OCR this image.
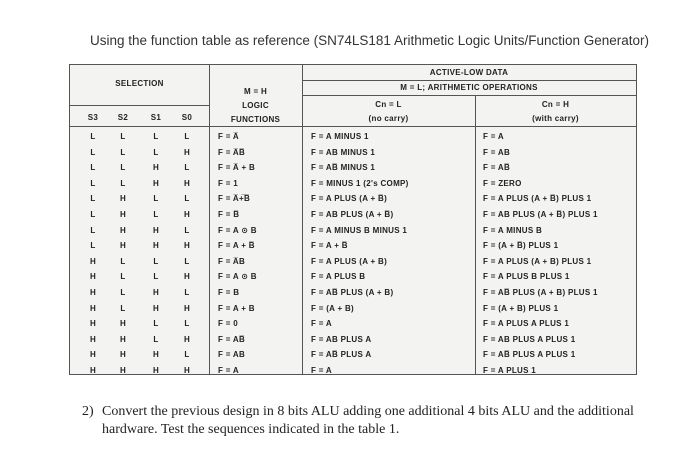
Using the function table as reference (SN74LS181 Arithmetic Logic Units/Function Generator)
SELECTION
ACTIVE-LOW DATA
M = L; ARITHMETIC OPERATIONS
M = H
LOGIC
FUNCTIONS
Cn = L
(no carry)
Cn = H
(with carry)
S3	S2	S1	S0
L	L	L	L	F = A̅	F = A MINUS 1	F = A
L	L	L	H	F = A̅B̅	F = AB MINUS 1	F = AB
L	L	H	L	F = A̅ + B	F = AB̅ MINUS 1	F = AB̅
L	L	H	H	F = 1	F = MINUS 1 (2's COMP)	F = ZERO
L	H	L	L	F = A̅+̅B̅	F = A PLUS (A + B̅)	F = A PLUS (A + B̅) PLUS 1
L	H	L	H	F = B̅	F = AB PLUS (A + B̅)	F = AB PLUS (A + B̅) PLUS 1
L	H	H	L	F = A ⊙ B	F = A MINUS B MINUS 1	F = A MINUS B
L	H	H	H	F = A + B̅	F = A + B̅	F = (A + B̅) PLUS 1
H	L	L	L	F = A̅B	F = A PLUS (A + B)	F = A PLUS (A + B) PLUS 1
H	L	L	H	F = A ⊙ B	F = A PLUS B	F = A PLUS B PLUS 1
H	L	H	L	F = B	F = AB̅ PLUS (A + B)	F = AB̅ PLUS (A + B) PLUS 1
H	L	H	H	F = A + B	F = (A + B)	F = (A + B) PLUS 1
H	H	L	L	F = 0	F = A	F = A PLUS A PLUS 1
H	H	L	H	F = AB̅	F = AB PLUS A	F = AB PLUS A PLUS 1
H	H	H	L	F = AB	F = AB̅ PLUS A	F = AB̅ PLUS A PLUS 1
H	H	H	H	F = A	F = A	F = A PLUS 1
2) Convert the previous design in 8 bits ALU adding one additional 4 bits ALU and the additional hardware. Test the sequences indicated in the table 1.
